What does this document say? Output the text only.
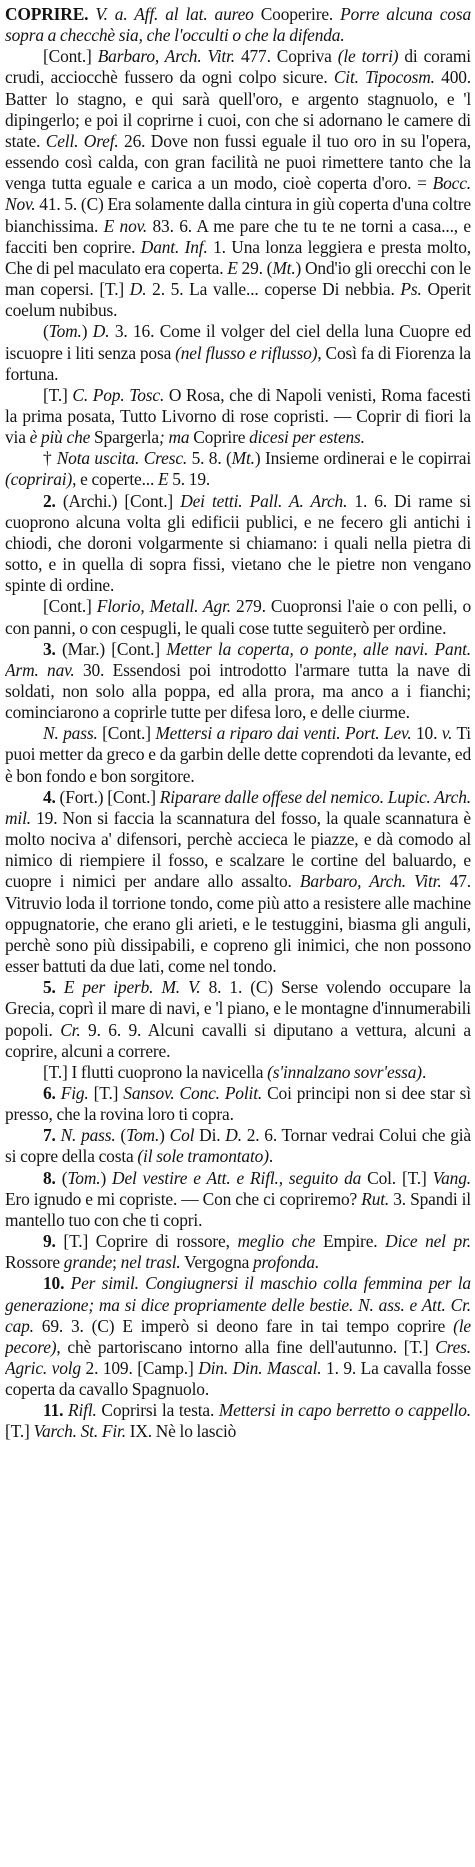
COPRIRE. V. a. Aff. al lat. aureo Cooperire. Porre alcuna cosa sopra a checchè sia, che l'occulti o che la difenda.

[Cont.] Barbaro, Arch. Vitr. 477. Copriva (le torri) di corami crudi, acciocchè fussero da ogni colpo sicure. Cit. Tipocosm. 400. Batter lo stagno, e qui sarà quell'oro, e argento stagnuolo, e 'l dipingerlo; e poi il coprirne i cuoi, con che si adornano le camere di state. Cell. Oref. 26. Dove non fussi eguale il tuo oro in su l'opera, essendo così calda, con gran facilità ne puoi rimettere tanto che la venga tutta eguale e carica a un modo, cioè coperta d'oro. = Bocc. Nov. 41. 5. (C) Era solamente dalla cintura in giù coperta d'una coltre bianchissima. E nov. 83. 6. A me pare che tu te ne torni a casa..., e facciti ben coprire. Dant. Inf. 1. Una lonza leggiera e presta molto, Che di pel maculato era coperta. E 29. (Mt.) Ond'io gli orecchi con le man copersi. [T.] D. 2. 5. La valle... coperse Di nebbia. Ps. Operit coelum nubibus.

(Tom.) D. 3. 16. Come il volger del ciel della luna Cuopre ed iscuopre i liti senza posa (nel flusso e riflusso), Così fa di Fiorenza la fortuna.

[T.] C. Pop. Tosc. O Rosa, che di Napoli venisti, Roma facesti la prima posata, Tutto Livorno di rose copristi. — Coprir di fiori la via è più che Spargerla; ma Coprire dicesi per estens.

† Nota uscita. Cresc. 5. 8. (Mt.) Insieme ordinerai e le copirrai (coprirai), e coperte... E 5. 19.

2. (Archi.) [Cont.] Dei tetti. Pall. A. Arch. 1. 6. Di rame si cuoprono alcuna volta gli edificii publici, e ne fecero gli antichi i chiodi, che doroni volgarmente si chiamano: i quali nella pietra di sotto, e in quella di sopra fissi, vietano che le pietre non vengano spinte di ordine.

[Cont.] Florio, Metall. Agr. 279. Cuopronsi l'aie o con pelli, o con panni, o con cespugli, le quali cose tutte seguiterò per ordine.

3. (Mar.) [Cont.] Metter la coperta, o ponte, alle navi. Pant. Arm. nav. 30. Essendosi poi introdotto l'armare tutta la nave di soldati, non solo alla poppa, ed alla prora, ma anco a i fianchi; cominciarono a coprirle tutte per difesa loro, e delle ciurme.

N. pass. [Cont.] Mettersi a riparo dai venti. Port. Lev. 10. v. Ti puoi metter da greco e da garbin delle dette coprendoti da levante, ed è bon fondo e bon sorgitore.

4. (Fort.) [Cont.] Riparare dalle offese del nemico. Lupic. Arch. mil. 19. Non si faccia la scannatura del fosso, la quale scannatura è molto nociva a' difensori, perchè accieca le piazze, e dà comodo al nimico di riempiere il fosso, e scalzare le cortine del baluardo, e cuopre i nimici per andare allo assalto. Barbaro, Arch. Vitr. 47. Vitruvio loda il torrione tondo, come più atto a resistere alle machine oppugnatorie, che erano gli arieti, e le testuggini, biasma gli anguli, perchè sono più dissipabili, e copreno gli inimici, che non possono esser battuti da due lati, come nel tondo.

5. E per iperb. M. V. 8. 1. (C) Serse volendo occupare la Grecia, coprì il mare di navi, e 'l piano, e le montagne d'innumerabili popoli. Cr. 9. 6. 9. Alcuni cavalli si diputano a vettura, alcuni a coprire, alcuni a correre.

[T.] I flutti cuoprono la navicella (s'innalzano sovr'essa).

6. Fig. [T.] Sansov. Conc. Polit. Coi principi non si dee star sì presso, che la rovina loro ti copra.

7. N. pass. (Tom.) Col Di. D. 2. 6. Tornar vedrai Colui che già si copre della costa (il sole tramontato).

8. (Tom.) Del vestire e Att. e Rifl., seguito da Col. [T.] Vang. Ero ignudo e mi copriste. — Con che ci copriremo? Rut. 3. Spandi il mantello tuo con che ti copri.

9. [T.] Coprire di rossore, meglio che Empire. Dice nel pr. Rossore grande; nel trasl. Vergogna profonda.

10. Per simil. Congiugnersi il maschio colla femmina per la generazione; ma si dice propriamente delle bestie. N. ass. e Att. Cr. cap. 69. 3. (C) E imperò si deono fare in tai tempo coprire (le pecore), chè partoriscano intorno alla fine dell'autunno. [T.] Cres. Agric. volg 2. 109. [Camp.] Din. Din. Mascal. 1. 9. La cavalla fosse coperta da cavallo Spagnuolo.

11. Rifl. Coprirsi la testa. Mettersi in capo berretto o cappello. [T.] Varch. St. Fir. IX. Nè lo lasciò
